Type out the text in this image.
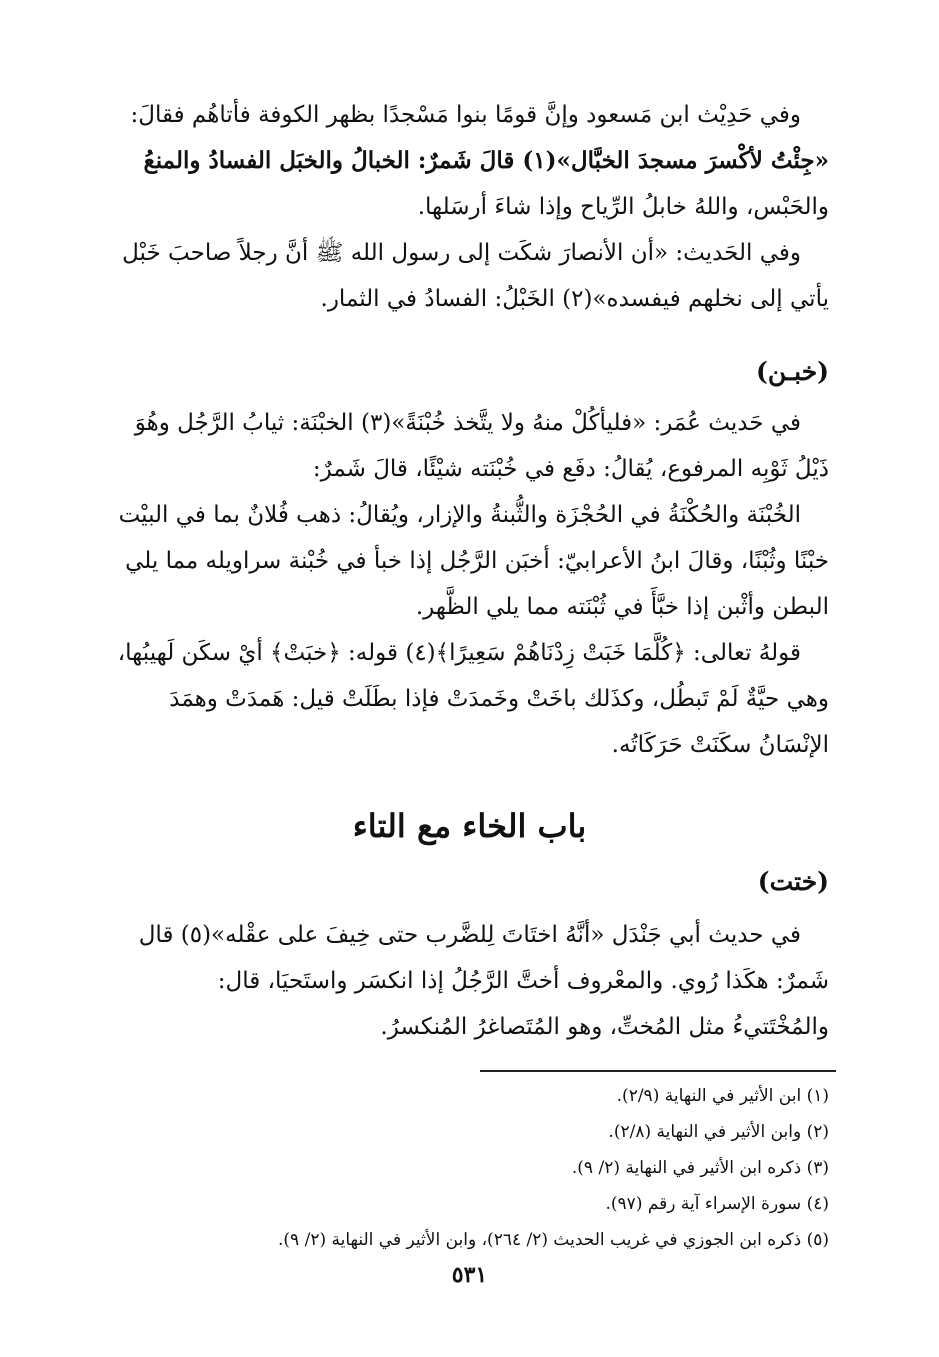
وفي حَدِيْث ابن مَسعود وإنَّ قومًا بنوا مَسْجدًا بظهر الكوفة فأتاهُم فقالَ:
«جِئْتُ لأكْسرَ مسجدَ الخبَّال»(١) قالَ شَمرٌ: الخبالُ والخبَل الفسادُ والمنعُ
والحَبْس، واللهُ خابلُ الرِّياح وإذا شاءَ أرسَلها.
وفي الحَديث: «أن الأنصارَ شكَت إلى رسول الله ﷺ أنَّ رجلاً صاحبَ خَبْل
يأتي إلى نخلهم فيفسده»(٢) الخَبْلُ: الفسادُ في الثمار.
(خبـن)
في حَديث عُمَر: «فليأكُلْ منهُ ولا يتَّخذ خُبْنَةً»(٣) الخبْنَة: ثيابُ الرَّجُل وهُوَ
ذَيْلُ ثَوْبِه المرفوع، يُقالُ: دفَع في خُبْنَته شيْئًا، قالَ شَمرٌ:
الخُبْنَة والحُكْنَةُ في الحُجْزَة والثُّبنةُ والإزار، ويُقالُ: ذهب فُلانٌ بما في البيْت
خبْنًا وثُبْنًا، وقالَ ابنُ الأعرابيّ: أخبَن الرَّجُل إذا خبأ في خُبْنة سراويله مما يلي
البطن وأثْبن إذا خبَّأَ في ثُبْنَته مما يلي الظَّهر.
قولهُ تعالى: ﴿كُلَّمَا خَبَتْ زِدْنَاهُمْ سَعِيرًا﴾(٤) قوله: ﴿خبَتْ﴾ أيْ سكَن لَهيبُها،
وهي حيَّةٌ لَمْ تَبطُل، وكذَلك باخَتْ وخَمدَتْ فإذا بطَلَتْ قيل: هَمدَتْ وهمَدَ
الإنْسَانُ سكَنَتْ حَرَكَاتُه.
باب الخاء مع التاء
(ختت)
في حديث أبي جَنْدَل «أنَّهُ اختَاتَ لِلضَّرب حتى خِيفَ على عقْله»(٥) قال
شَمرٌ: هكَذا رُوي. والمعْروف أختَّ الرَّجُلُ إذا انكسَر واستَحيَا، قال:
والمُخْتَتيءُ مثل المُختِّ، وهو المُتَصاغرُ المُنكسرُ.
(١) ابن الأثير في النهاية (٢/٩).
(٢) وابن الأثير في النهاية (٢/٨).
(٣) ذكره ابن الأثير في النهاية (٢/ ٩).
(٤) سورة الإسراء آية رقم (٩٧).
(٥) ذكره ابن الجوزي في غريب الحديث (٢/ ٢٦٤)، وابن الأثير في النهاية (٢/ ٩).
٥٣١
